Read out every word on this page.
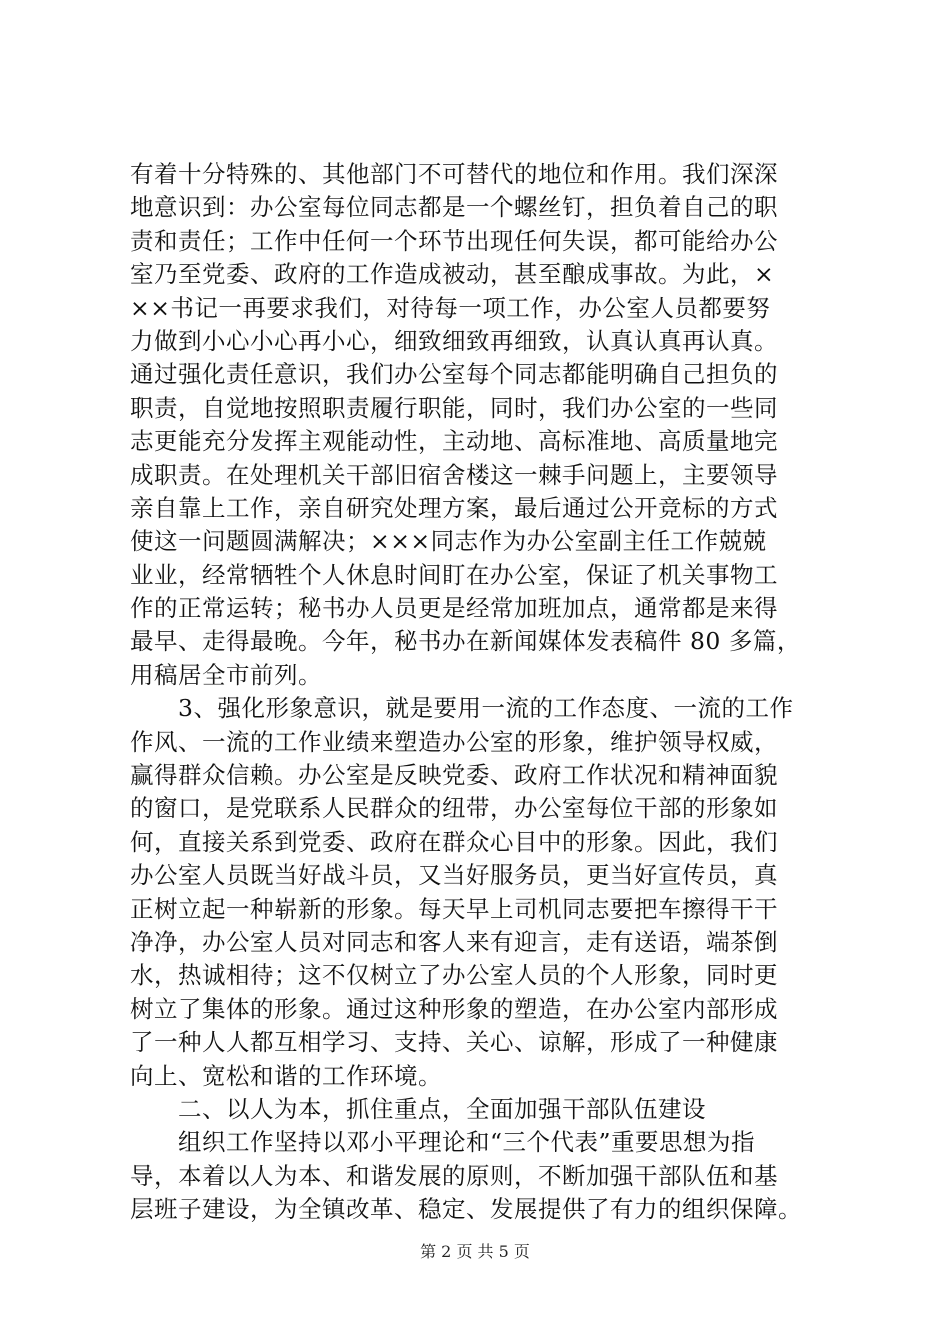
有着十分特殊的、其他部门不可替代的地位和作用。我们深深
地意识到：办公室每位同志都是一个螺丝钉，担负着自己的职
责和责任；工作中任何一个环节出现任何失误，都可能给办公
室乃至党委、政府的工作造成被动，甚至酿成事故。为此，×
××书记一再要求我们，对待每一项工作，办公室人员都要努
力做到小心小心再小心，细致细致再细致，认真认真再认真。
通过强化责任意识，我们办公室每个同志都能明确自己担负的
职责，自觉地按照职责履行职能，同时，我们办公室的一些同
志更能充分发挥主观能动性，主动地、高标准地、高质量地完
成职责。在处理机关干部旧宿舍楼这一棘手问题上，主要领导
亲自靠上工作，亲自研究处理方案，最后通过公开竞标的方式
使这一问题圆满解决；×××同志作为办公室副主任工作兢兢
业业，经常牺牲个人休息时间盯在办公室，保证了机关事物工
作的正常运转；秘书办人员更是经常加班加点，通常都是来得
最早、走得最晚。今年，秘书办在新闻媒体发表稿件 80 多篇，
用稿居全市前列。
　　3、强化形象意识，就是要用一流的工作态度、一流的工作
作风、一流的工作业绩来塑造办公室的形象，维护领导权威，
赢得群众信赖。办公室是反映党委、政府工作状况和精神面貌
的窗口，是党联系人民群众的纽带，办公室每位干部的形象如
何，直接关系到党委、政府在群众心目中的形象。因此，我们
办公室人员既当好战斗员，又当好服务员，更当好宣传员，真
正树立起一种崭新的形象。每天早上司机同志要把车擦得干干
净净，办公室人员对同志和客人来有迎言，走有送语，端茶倒
水，热诚相待；这不仅树立了办公室人员的个人形象，同时更
树立了集体的形象。通过这种形象的塑造，在办公室内部形成
了一种人人都互相学习、支持、关心、谅解，形成了一种健康
向上、宽松和谐的工作环境。
　　二、以人为本，抓住重点，全面加强干部队伍建设
　　组织工作坚持以邓小平理论和“三个代表”重要思想为指
导，本着以人为本、和谐发展的原则，不断加强干部队伍和基
层班子建设，为全镇改革、稳定、发展提供了有力的组织保障。
第 2 页 共 5 页
